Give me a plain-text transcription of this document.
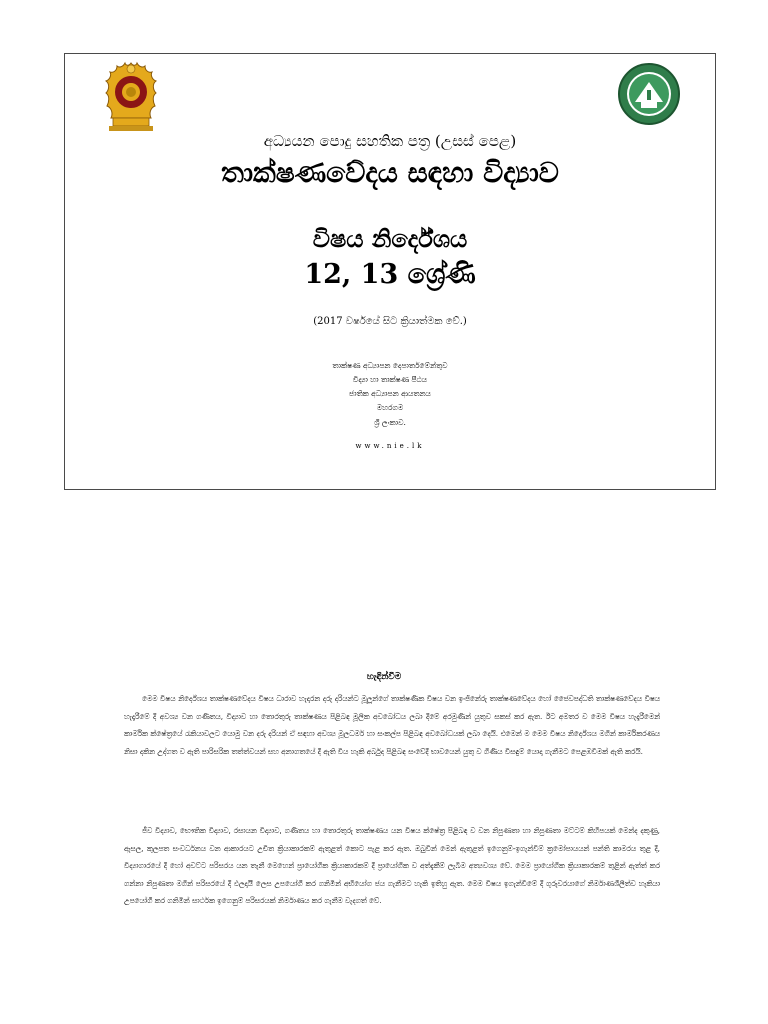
අධ්‍යයන පොදු සහතික පත්‍ර (උසස් පෙළ)
තාක්ෂණවේදය සඳහා විද්‍යාව
විෂය නිර්දේශය
12, 13 ශ්‍රේණි
(2017 වර්ෂයේ සිට ක්‍රියාත්මක වේ.)
තාක්ෂණ අධ්‍යාපන දෙපාර්තමේන්තුව
විද්‍යා හා තාක්ෂණ පීඨය
ජාතික අධ්‍යාපන ආයතනය
මහරගම
ශ්‍රී ලංකාව.
www.nie.lk
හැඳින්වීම

මෙම විෂය නිර්දේශය තාක්ෂණවේදය විෂය ධාරාව හැදාරන දරු දරියන්ට මූලූන්ගේ තාක්ෂණික විෂය වන ඉංජිනේරු තාක්ෂණවේදය හෝ ජෛවපද්ධති තාක්ෂණවේදය විෂය හැදෑරීමේ දී අවශ්‍ය වන ගණිතය, විද්‍යාව හා තොරතුරු තාක්ෂණය පිළිබඳ මූලික අවබෝධය ලබා දීමේ අරමුණින් යුතුව සකස් කර ඇත. ඊට අමතර ව මෙම විෂය හැදෑරීමෙන් කාර්මික ක්ෂේත්‍රයේ රැකියාවලට යොමු වන දරු දරියන් ඒ සඳහා අවශ්‍ය මූලධර්ම හා සංකල්ප පිළිබඳ අවබෝධයක් ලබා දෙයි. එමෙන් ම මෙම විෂය නිර්දේශය මගින් කාර්මිකරණය නිසා දකින උද්ගත ව ඇති පාරිසරික තත්ත්වයන් සහ අනාගතයේ දී ඇති විය හැකි අර්බුද පිළිබඳ සංවේදී භාවයෙන් යුතු ව ගිණිය විසඳුම් යොදා ගැනීමට පෙළඹවීමක් ඇති කරයි.

ජීව විද්‍යාව, භෞතික විද්‍යාව, රසායන විද්‍යාව, ගණිතය හා තොරතුරු තාක්ෂණය යන විෂය ක්ෂේත්‍ර පිළිබඳ ව වන නිපුණතා හා නිපුණතා මට්ටම් කිහිපයක් මෙන්ද දකුණු, ඇසල, කුලපත සංවර්ධනය වන ආකාරයට උචිත ක්‍රියාකාරකම් ඇතුළත් කොට පැළ කර ඇත. ඔබුවින් මෙන් ඇතුළත් ඉගෙනුම්-ඉගැන්වීම් ක්‍රමෝපායයන් පන්ති කාමරය තුළ දී, විද්‍යාගාරයේ දී හෝ අවට්ට පරිසරය යන තැනී මෙහෙන් ප්‍රායෝගික ක්‍රියාකාරකම් දී ප්‍රායෝගික ව අත්දැකීම් ලැබීම අත්‍යවශ්‍ය වේ. මෙම ප්‍රායෝගික ක්‍රියාකාරකම් තුළින් ඇත්ත් කර ගන්නා නිපුණතා මගින් පරිසරයේ දී ඵලදායී ලෙස උපයෝගී කර ගනිමින් අභියෝග ජය ගැනීමට හැකි ඉතිහු ඇත. මෙම විෂය ඉගැන්වීමේ දී ගුරුවරයාගේ නිර්මාණශීලීත්ව හැකියා උපයෝගී කර ගනිමින් සාර්ථක ඉගෙනුම් පරිසරයක් නිර්මාණය කර ගැනීම වැදගත් වේ.
